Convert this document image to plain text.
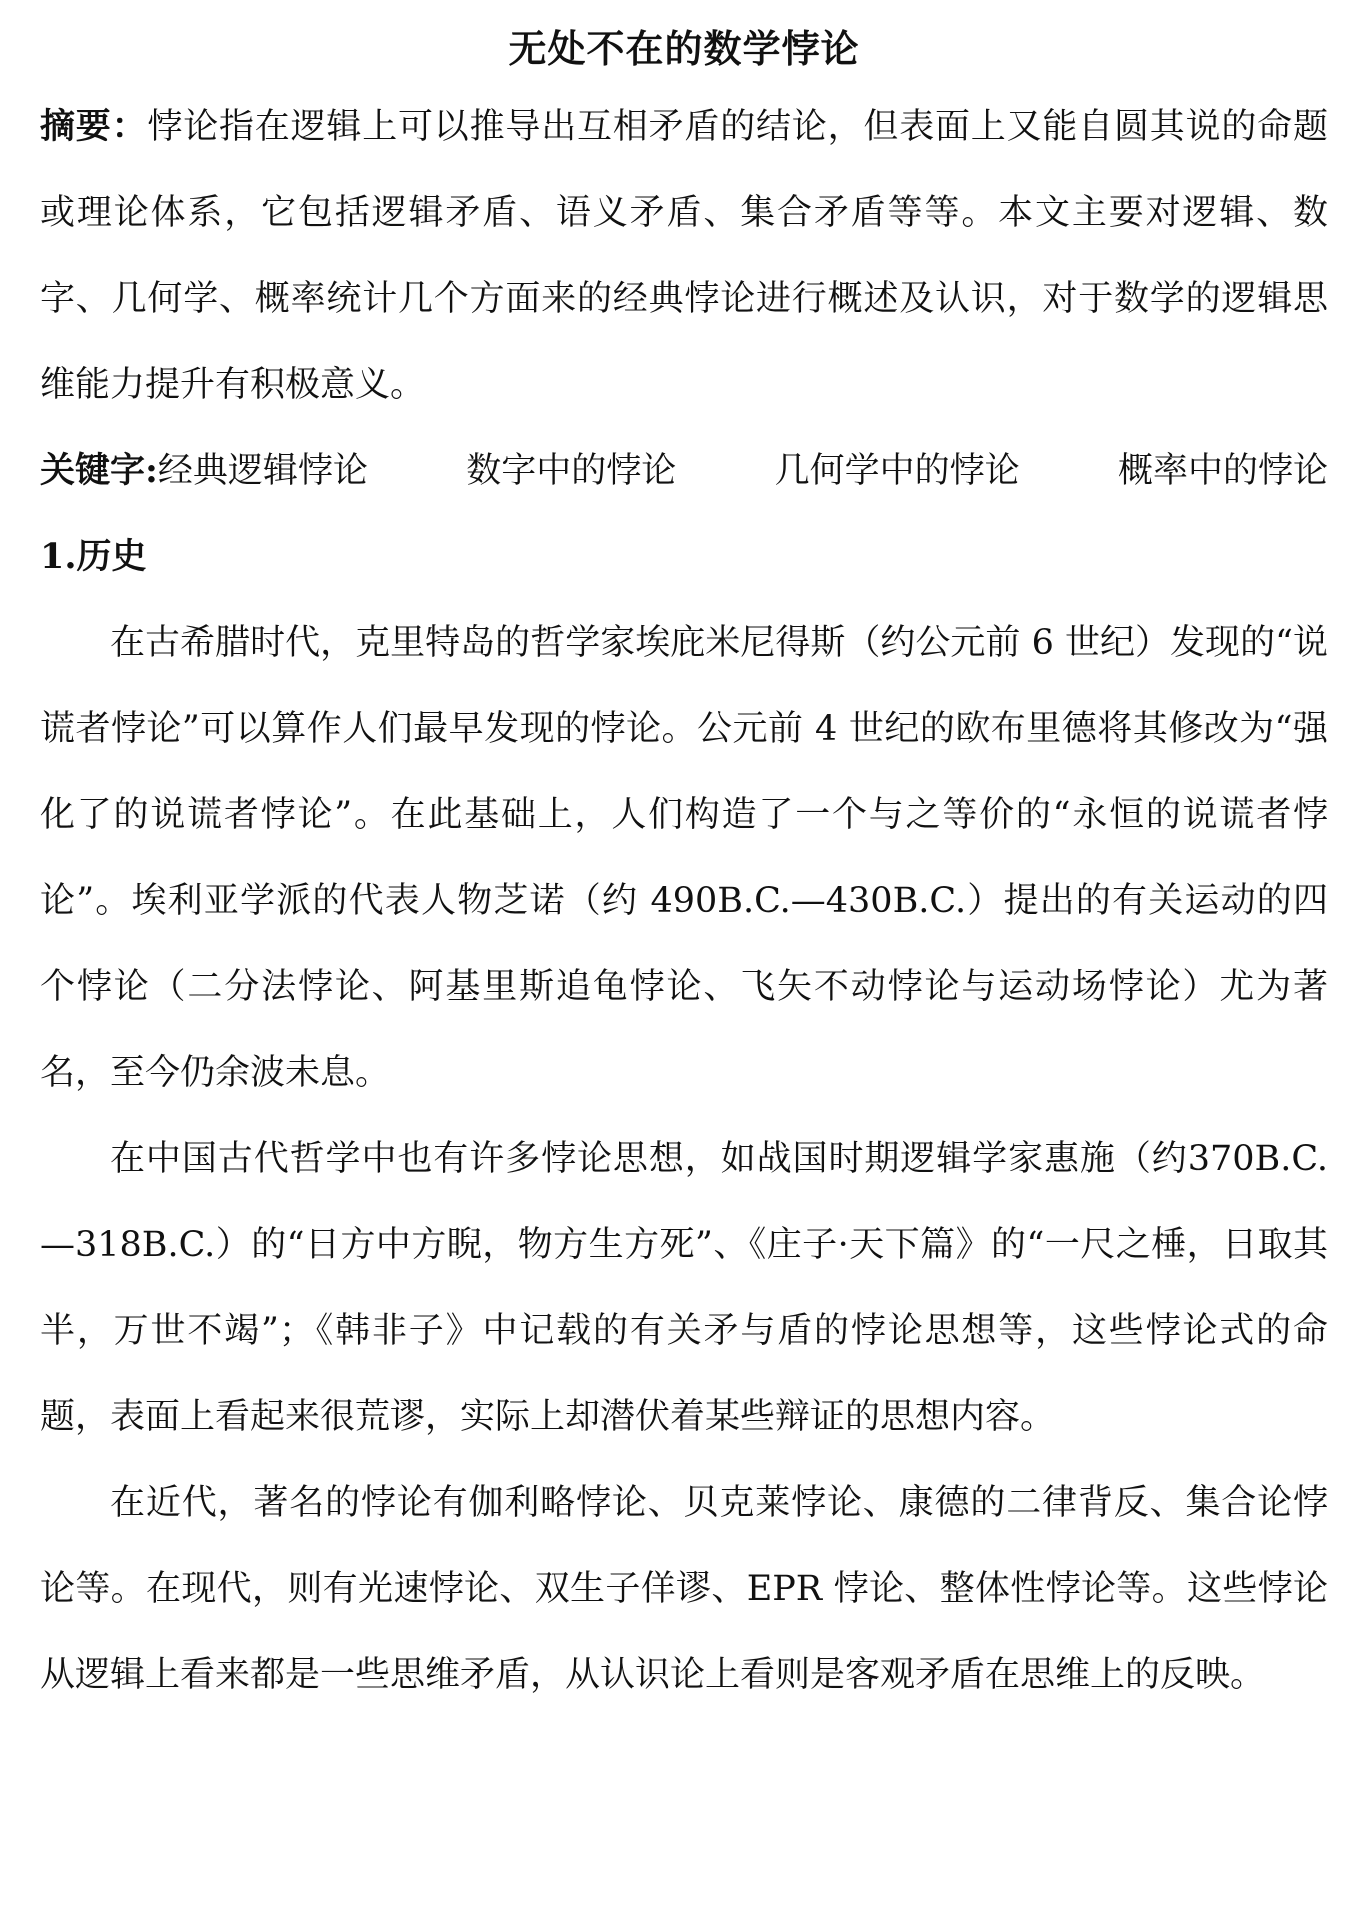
无处不在的数学悖论

摘要：悖论指在逻辑上可以推导出互相矛盾的结论，但表面上又能自圆其说的命题或理论体系，它包括逻辑矛盾、语义矛盾、集合矛盾等等。本文主要对逻辑、数字、几何学、概率统计几个方面来的经典悖论进行概述及认识，对于数学的逻辑思维能力提升有积极意义。

关键字: 经典逻辑悖论	数字中的悖论	几何学中的悖论	概率中的悖论

1.历史

在古希腊时代，克里特岛的哲学家埃庇米尼得斯（约公元前 6 世纪）发现的“说谎者悖论”可以算作人们最早发现的悖论。公元前 4 世纪的欧布里德将其修改为“强化了的说谎者悖论”。在此基础上，人们构造了一个与之等价的“永恒的说谎者悖论”。埃利亚学派的代表人物芝诺（约 490B.C.—430B.C.）提出的有关运动的四个悖论（二分法悖论、阿基里斯追龟悖论、飞矢不动悖论与运动场悖论）尤为著名，至今仍余波未息。

在中国古代哲学中也有许多悖论思想，如战国时期逻辑学家惠施（约370B.C.—318B.C.）的“日方中方睨，物方生方死”、《庄子·天下篇》的“一尺之棰，日取其半，万世不竭”；《韩非子》中记载的有关矛与盾的悖论思想等，这些悖论式的命题，表面上看起来很荒谬，实际上却潜伏着某些辩证的思想内容。

在近代，著名的悖论有伽利略悖论、贝克莱悖论、康德的二律背反、集合论悖论等。在现代，则有光速悖论、双生子佯谬、EPR 悖论、整体性悖论等。这些悖论从逻辑上看来都是一些思维矛盾，从认识论上看则是客观矛盾在思维上的反映。
